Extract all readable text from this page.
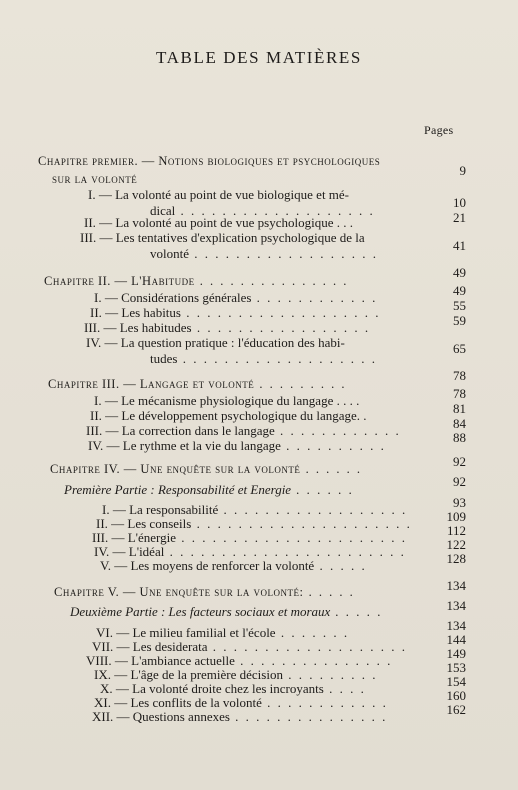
TABLE DES MATIÈRES
Pages
Chapitre premier. — Notions biologiques et psychologiques
sur la volonté
9
I. — La volonté au point de vue biologique et mé-
dical . . . . . . . . . . . . . . . . . . .
10
II. — La volonté au point de vue psychologique . . .	21
III. — Les tentatives d'explication psychologique de la
volonté . . . . . . . . . . . . . . . . . .
41
Chapitre II. — L'Habitude . . . . . . . . . . . . . . .
49
I. — Considérations générales . . . . . . . . . . . .	49
II. — Les habitus . . . . . . . . . . . . . . . . . . .	55
III. — Les habitudes . . . . . . . . . . . . . . . . .	59
IV. — La question pratique : l'éducation des habi-
tudes . . . . . . . . . . . . . . . . . . .
65
Chapitre III. — Langage et volonté . . . . . . . . .
78
I. — Le mécanisme physiologique du langage . . . .	78
II. — Le développement psychologique du langage. .	81
III. — La correction dans le langage . . . . . . . . . . . .	84
IV. — Le rythme et la vie du langage . . . . . . . . . .
88
Chapitre IV. — Une enquête sur la volonté . . . . . .	92
Première Partie : Responsabilité et Energie . . . . . .
92
I. — La responsabilité . . . . . . . . . . . . . . . . . .	93
II. — Les conseils . . . . . . . . . . . . . . . . . . . . .	109
III. — L'énergie . . . . . . . . . . . . . . . . . . . . . .	112
IV. — L'idéal . . . . . . . . . . . . . . . . . . . . . . .	122
V. — Les moyens de renforcer la volonté . . . . .	128
Chapitre V. — Une enquête sur la volonté: . . . . .	134
Deuxième Partie : Les facteurs sociaux et moraux . . . . .	134
VI. — Le milieu familial et l'école . . . . . . .	134
VII. — Les desiderata . . . . . . . . . . . . . . . . . . .	144
VIII. — L'ambiance actuelle . . . . . . . . . . . . . . .	149
IX. — L'âge de la première décision . . . . . . . . .	153
X. — La volonté droite chez les incroyants . . . .	154
XI. — Les conflits de la volonté . . . . . . . . . . . .	160
XII. — Questions annexes . . . . . . . . . . . . . . .	162
